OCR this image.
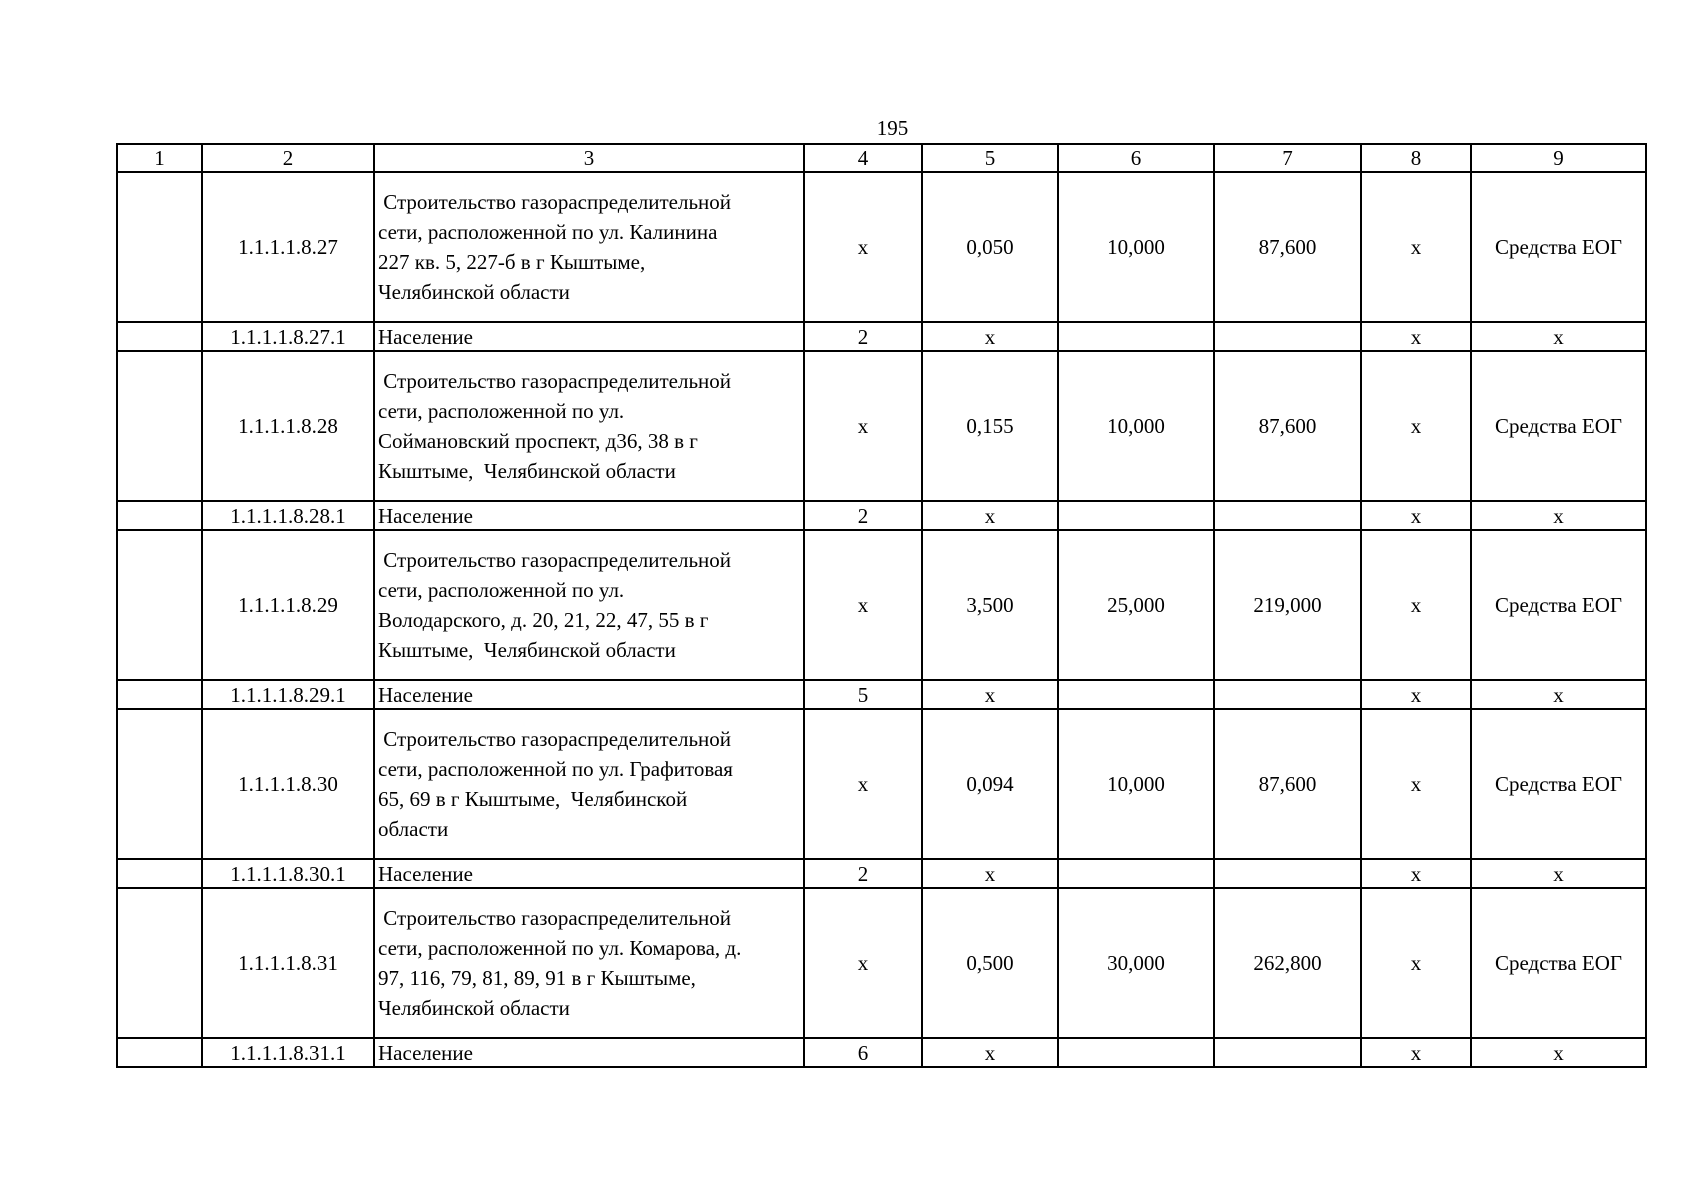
195
1	2	3	4	5	6	7	8	9
	1.1.1.1.8.27	Строительство газораспределительной
сети, расположенной по ул. Калинина
227 кв. 5, 227-б в г Кыштыме,
Челябинской области	х	0,050	10,000	87,600	х	Средства ЕОГ
	1.1.1.1.8.27.1	Население	2	х			х	х
	1.1.1.1.8.28	Строительство газораспределительной
сети, расположенной по ул.
Соймановский проспект, д36, 38 в г
Кыштыме,  Челябинской области	х	0,155	10,000	87,600	х	Средства ЕОГ
	1.1.1.1.8.28.1	Население	2	х			х	х
	1.1.1.1.8.29	Строительство газораспределительной
сети, расположенной по ул.
Володарского, д. 20, 21, 22, 47, 55 в г
Кыштыме,  Челябинской области	х	3,500	25,000	219,000	х	Средства ЕОГ
	1.1.1.1.8.29.1	Население	5	х			х	х
	1.1.1.1.8.30	Строительство газораспределительной
сети, расположенной по ул. Графитовая
65, 69 в г Кыштыме,  Челябинской
области	х	0,094	10,000	87,600	х	Средства ЕОГ
	1.1.1.1.8.30.1	Население	2	х			х	х
	1.1.1.1.8.31	Строительство газораспределительной
сети, расположенной по ул. Комарова, д.
97, 116, 79, 81, 89, 91 в г Кыштыме,
Челябинской области	х	0,500	30,000	262,800	х	Средства ЕОГ
	1.1.1.1.8.31.1	Население	6	х			х	х
